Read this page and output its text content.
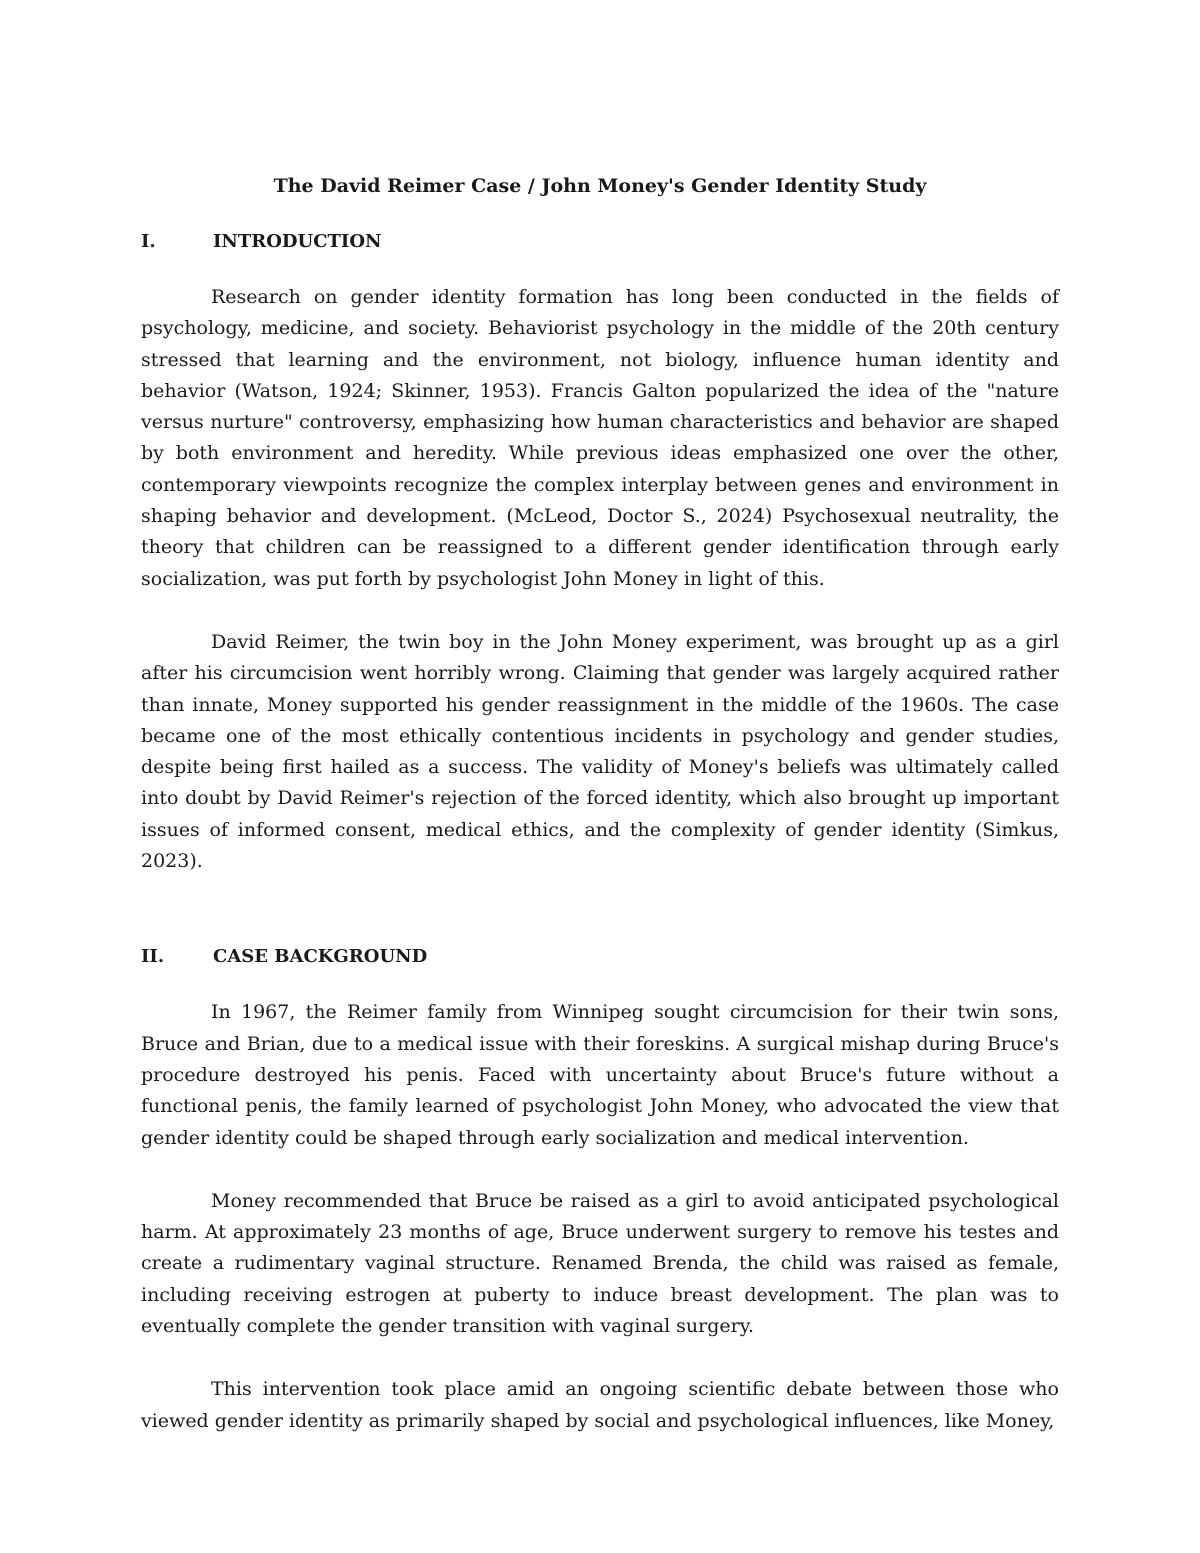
The David Reimer Case / John Money's Gender Identity Study
I.	INTRODUCTION

Research on gender identity formation has long been conducted in the fields of psychology, medicine, and society. Behaviorist psychology in the middle of the 20th century stressed that learning and the environment, not biology, influence human identity and behavior (Watson, 1924; Skinner, 1953). Francis Galton popularized the idea of the "nature versus nurture" controversy, emphasizing how human characteristics and behavior are shaped by both environment and heredity. While previous ideas emphasized one over the other, contemporary viewpoints recognize the complex interplay between genes and environment in shaping behavior and development. (McLeod, Doctor S., 2024) Psychosexual neutrality, the theory that children can be reassigned to a different gender identification through early socialization, was put forth by psychologist John Money in light of this.

David Reimer, the twin boy in the John Money experiment, was brought up as a girl after his circumcision went horribly wrong. Claiming that gender was largely acquired rather than innate, Money supported his gender reassignment in the middle of the 1960s. The case became one of the most ethically contentious incidents in psychology and gender studies, despite being first hailed as a success. The validity of Money's beliefs was ultimately called into doubt by David Reimer's rejection of the forced identity, which also brought up important issues of informed consent, medical ethics, and the complexity of gender identity (Simkus, 2023).

II.	CASE BACKGROUND

In 1967, the Reimer family from Winnipeg sought circumcision for their twin sons, Bruce and Brian, due to a medical issue with their foreskins. A surgical mishap during Bruce's procedure destroyed his penis. Faced with uncertainty about Bruce's future without a functional penis, the family learned of psychologist John Money, who advocated the view that gender identity could be shaped through early socialization and medical intervention.

Money recommended that Bruce be raised as a girl to avoid anticipated psychological harm. At approximately 23 months of age, Bruce underwent surgery to remove his testes and create a rudimentary vaginal structure. Renamed Brenda, the child was raised as female, including receiving estrogen at puberty to induce breast development. The plan was to eventually complete the gender transition with vaginal surgery.

This intervention took place amid an ongoing scientific debate between those who viewed gender identity as primarily shaped by social and psychological influences, like Money,
